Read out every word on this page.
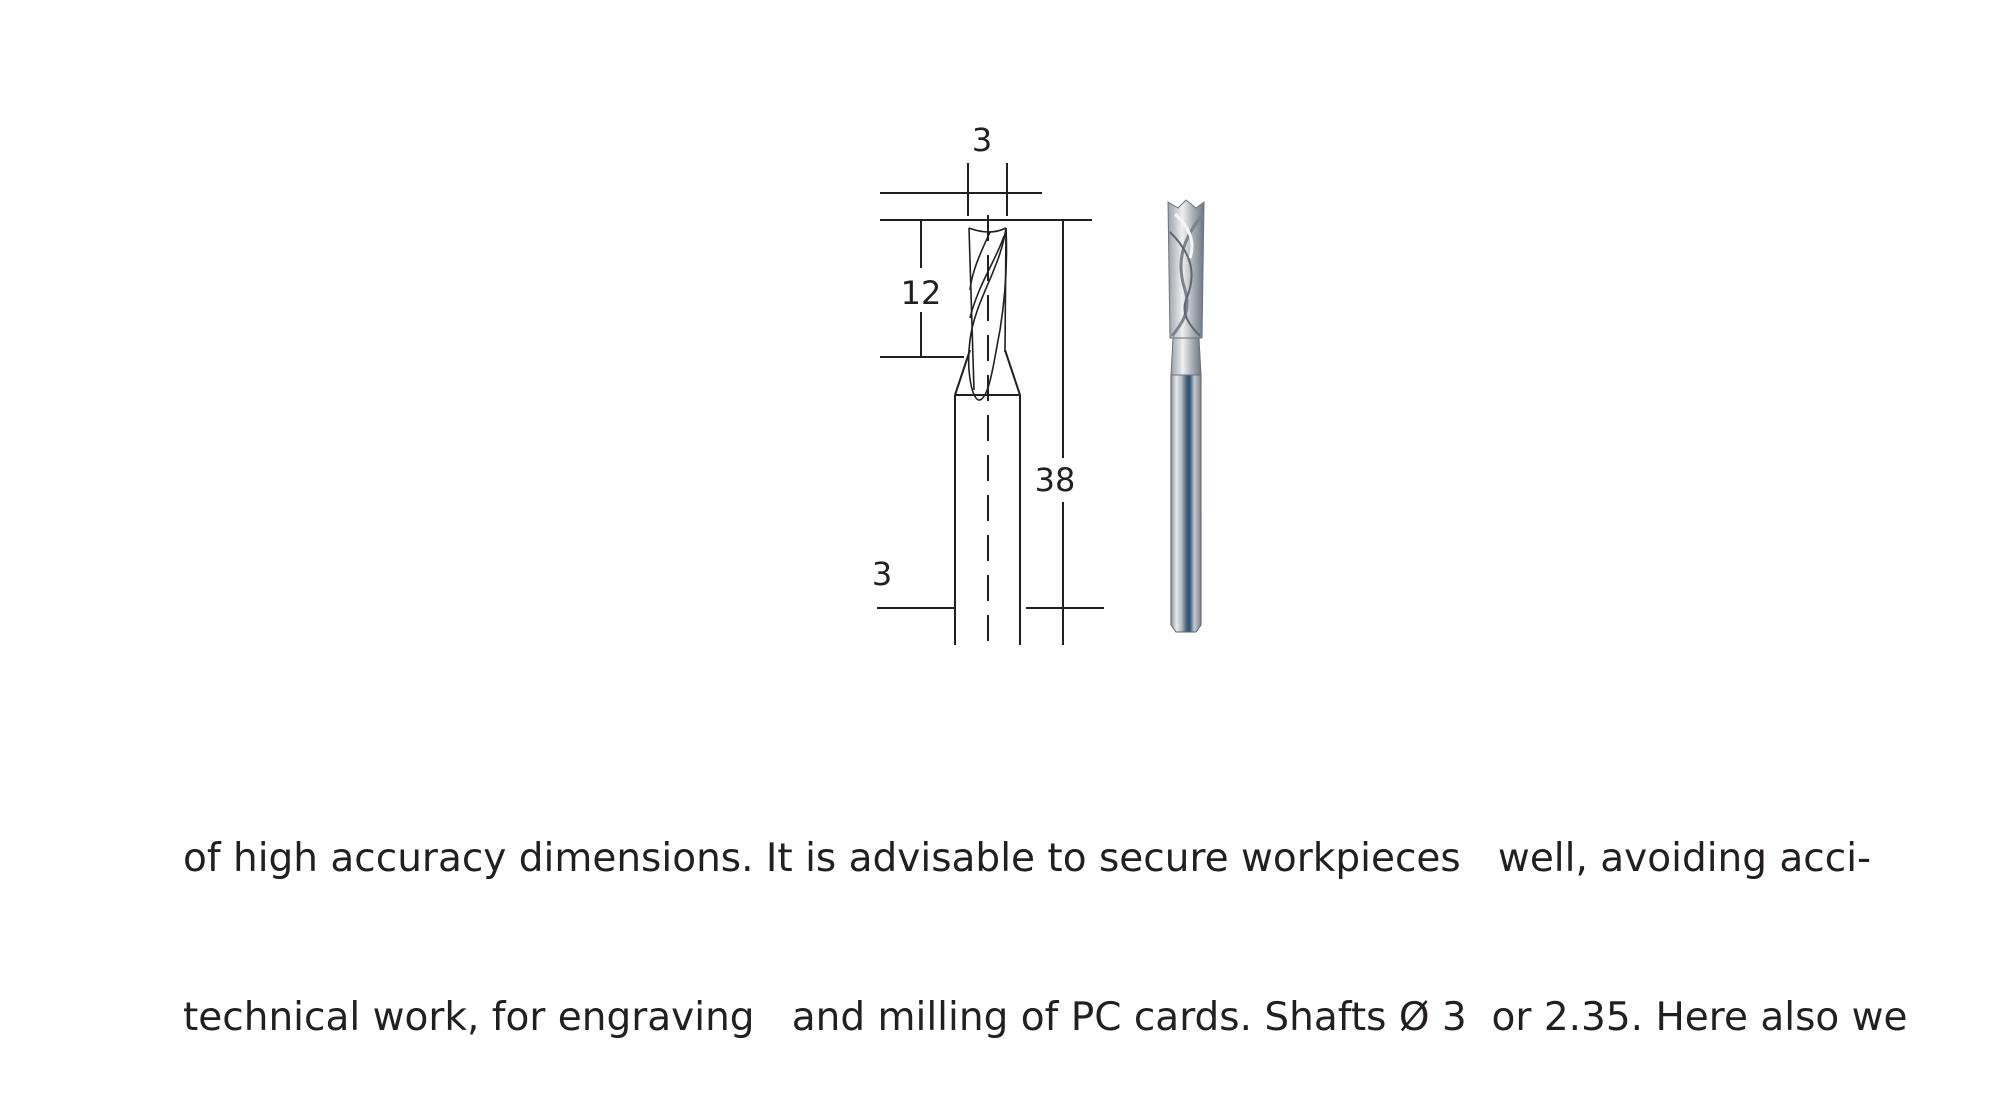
3
12
38
3

of high accuracy dimensions. It is advisable to secure workpieces   well, avoiding acci-

technical work, for engraving   and milling of PC cards. Shafts Ø 3  or 2.35. Here also we
